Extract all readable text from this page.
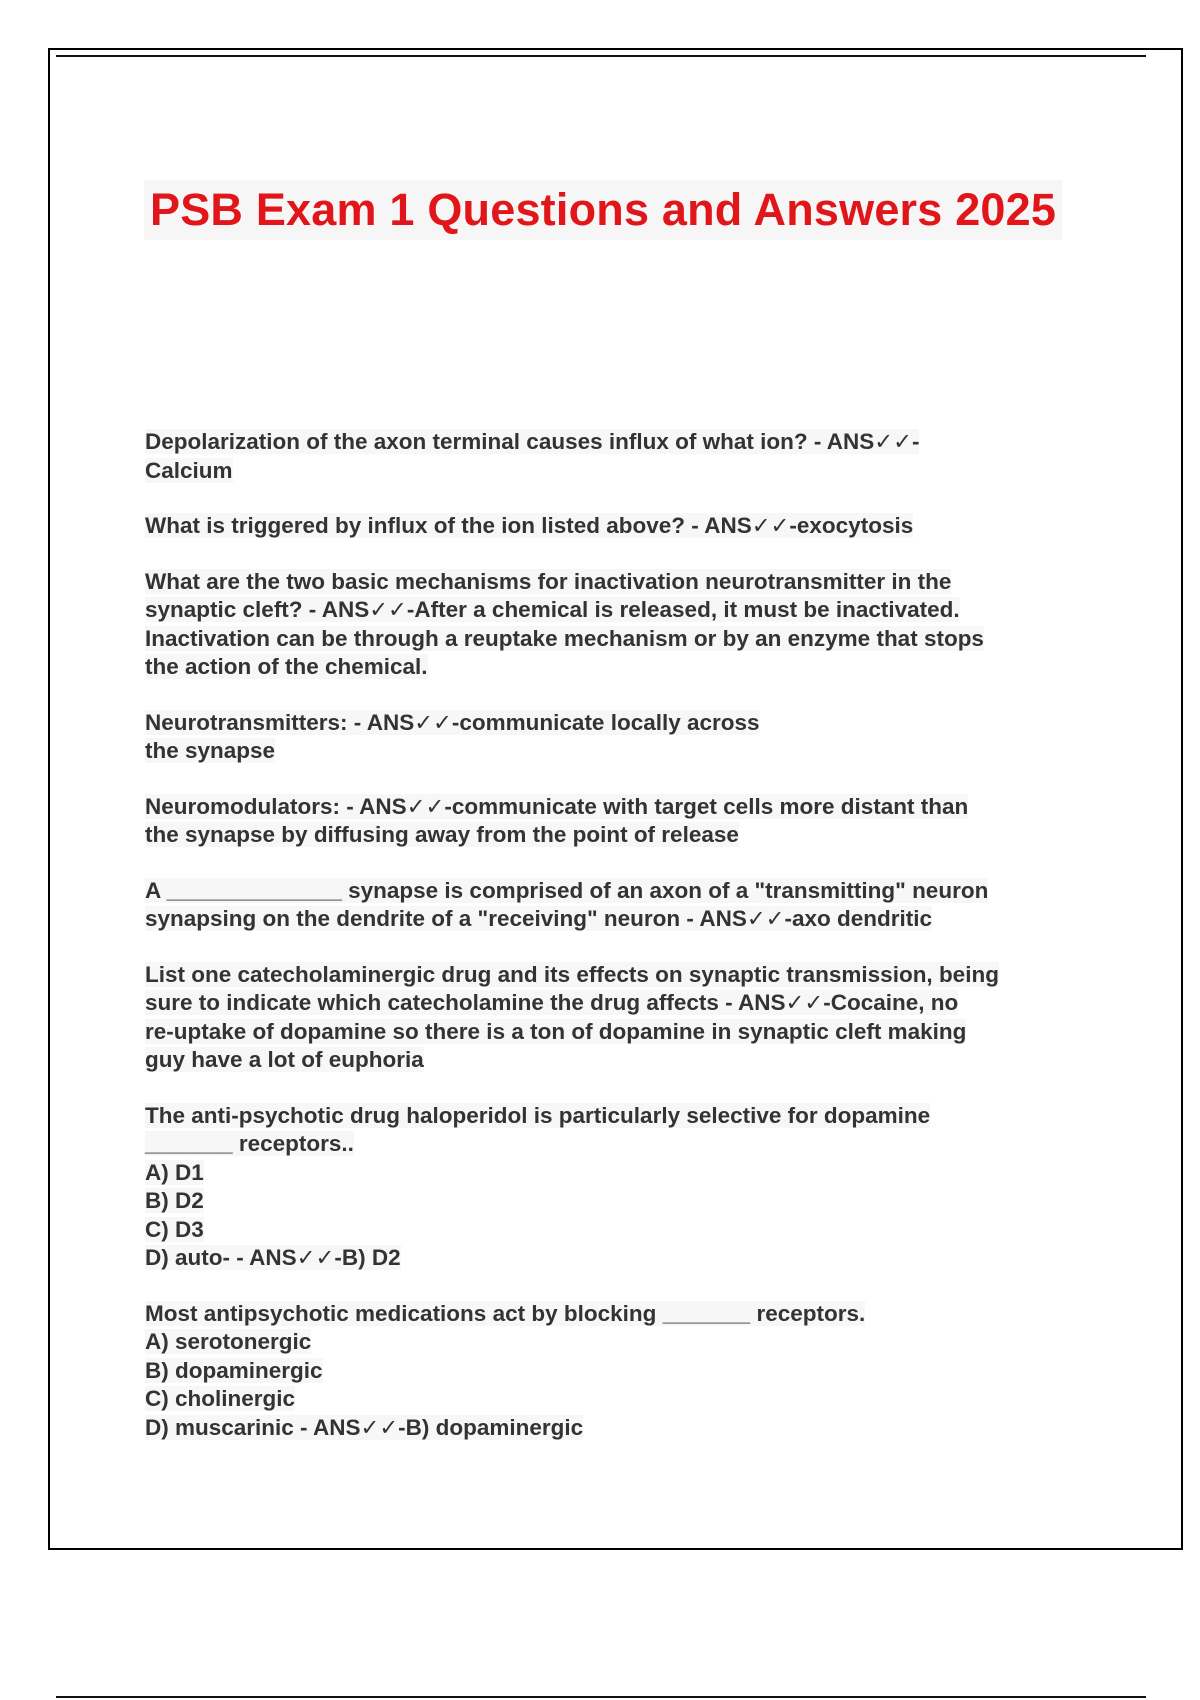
PSB Exam 1 Questions and Answers 2025
Depolarization of the axon terminal causes influx of what ion? - ANS✓✓-
Calcium
What is triggered by influx of the ion listed above? - ANS✓✓-exocytosis
What are the two basic mechanisms for inactivation neurotransmitter in the
synaptic cleft? - ANS✓✓-After a chemical is released, it must be inactivated.
Inactivation can be through a reuptake mechanism or by an enzyme that stops
the action of the chemical.
Neurotransmitters: - ANS✓✓-communicate locally across
the synapse
Neuromodulators: - ANS✓✓-communicate with target cells more distant than
the synapse by diffusing away from the point of release
A ______________ synapse is comprised of an axon of a "transmitting" neuron
synapsing on the dendrite of a "receiving" neuron - ANS✓✓-axo dendritic
List one catecholaminergic drug and its effects on synaptic transmission, being
sure to indicate which catecholamine the drug affects - ANS✓✓-Cocaine, no
re-uptake of dopamine so there is a ton of dopamine in synaptic cleft making
guy have a lot of euphoria
The anti-psychotic drug haloperidol is particularly selective for dopamine
_______ receptors..
A) D1
B) D2
C) D3
D) auto- - ANS✓✓-B) D2
Most antipsychotic medications act by blocking _______ receptors.
A) serotonergic
B) dopaminergic
C) cholinergic
D) muscarinic - ANS✓✓-B) dopaminergic
